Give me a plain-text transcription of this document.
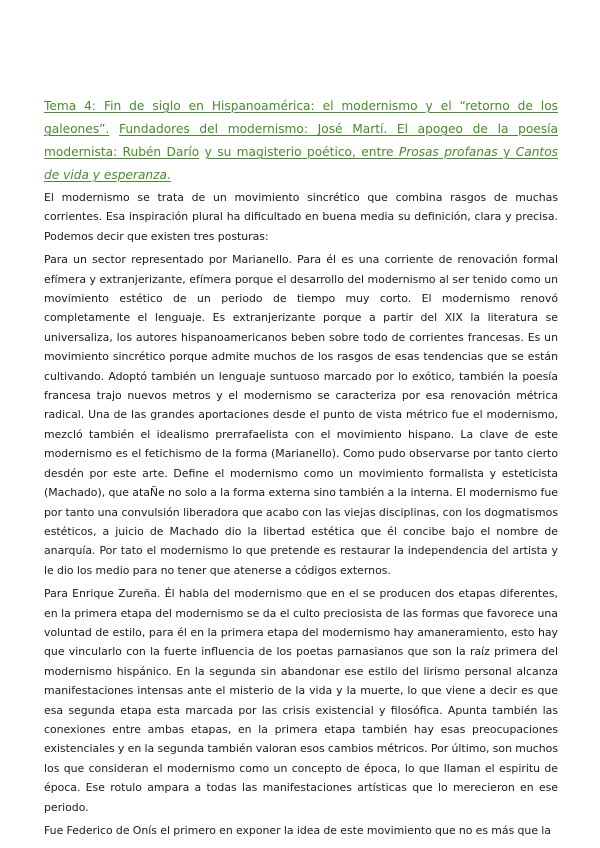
Tema 4: Fin de siglo en Hispanoamérica: el modernismo y el “retorno de los galeones”. Fundadores del modernismo: José Martí. El apogeo de la poesía modernista: Rubén Darío y su magisterio poético, entre Prosas profanas y Cantos de vida y esperanza.

El modernismo se trata de un movimiento sincrético que combina rasgos de muchas corrientes. Esa inspiración plural ha dificultado en buena media su definición, clara y precisa. Podemos decir que existen tres posturas:

Para un sector representado por Marianello. Para él es una corriente de renovación formal efímera y extranjerizante, efímera porque el desarrollo del modernismo al ser tenido como un movimiento estético de un periodo de tiempo muy corto. El modernismo renovó completamente el lenguaje. Es extranjerizante porque a partir del XIX la literatura se universaliza, los autores hispanoamericanos beben sobre todo de corrientes francesas. Es un movimiento sincrético porque admite muchos de los rasgos de esas tendencias que se están cultivando. Adoptó también un lenguaje suntuoso marcado por lo exótico, también la poesía francesa trajo nuevos metros y el modernismo se caracteriza por esa renovación métrica radical. Una de las grandes aportaciones desde el punto de vista métrico fue el modernismo, mezcló también el idealismo prerrafaelista con el movimiento hispano. La clave de este modernismo es el fetichismo de la forma (Marianello). Como pudo observarse por tanto cierto desdén por este arte. Define el modernismo como un movimiento formalista y esteticista (Machado), que ataÑe no solo a la forma externa sino también a la interna. El modernismo fue por tanto una convulsión liberadora que acabo con las viejas disciplinas, con los dogmatismos estéticos, a juicio de Machado dio la libertad estética que él concibe bajo el nombre de anarquía. Por tato el modernismo lo que pretende es restaurar la independencia del artista y le dio los medio para no tener que atenerse a códigos externos.

Para Enrique Zureña. Él habla del modernismo que en el se producen dos etapas diferentes, en la primera etapa del modernismo se da el culto preciosista de las formas que favorece una voluntad de estilo, para él en la primera etapa del modernismo hay amaneramiento, esto hay que vincularlo con la fuerte influencia de los poetas parnasianos que son la raíz primera del modernismo hispánico. En la segunda sin abandonar ese estilo del lirismo personal alcanza manifestaciones intensas ante el misterio de la vida y la muerte, lo que viene a decir es que esa segunda etapa esta marcada por las crisis existencial y filosófica. Apunta también las conexiones entre ambas etapas, en la primera etapa también hay esas preocupaciones existenciales y en la segunda también valoran esos cambios métricos. Por último, son muchos los que consideran el modernismo como un concepto de época, lo que llaman el espiritu de época. Ese rotulo ampara a todas las manifestaciones artísticas que lo merecieron en ese periodo.

Fue Federico de Onís el primero en exponer la idea de este movimiento que no es más que la
